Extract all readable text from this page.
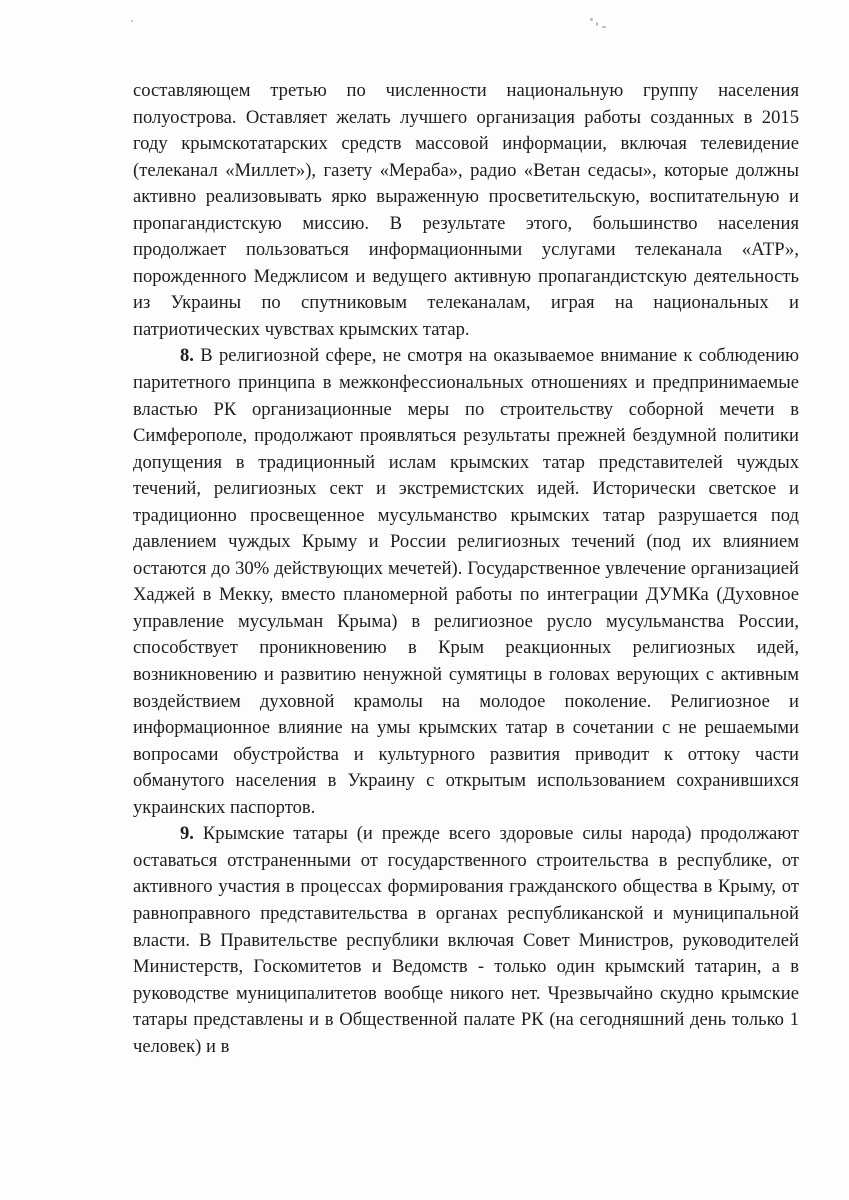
составляющем третью по численности национальную группу населения полуострова. Оставляет желать лучшего организация работы созданных в 2015 году крымскотатарских средств массовой информации, включая телевидение (телеканал «Миллет»), газету «Мераба», радио «Ветан седасы», которые должны активно реализовывать ярко выраженную просветительскую, воспитательную и пропагандистскую миссию. В результате этого, большинство населения продолжает пользоваться информационными услугами телеканала «АТР», порожденного Меджлисом и ведущего активную пропагандистскую деятельность из Украины по спутниковым телеканалам, играя на национальных и патриотических чувствах крымских татар.

8. В религиозной сфере, не смотря на оказываемое внимание к соблюдению паритетного принципа в межконфессиональных отношениях и предпринимаемые властью РК организационные меры по строительству соборной мечети в Симферополе, продолжают проявляться результаты прежней бездумной политики допущения в традиционный ислам крымских татар представителей чуждых течений, религиозных сект и экстремистских идей. Исторически светское и традиционно просвещенное мусульманство крымских татар разрушается под давлением чуждых Крыму и России религиозных течений (под их влиянием остаются до 30% действующих мечетей). Государственное увлечение организацией Хаджей в Мекку, вместо планомерной работы по интеграции ДУМКа (Духовное управление мусульман Крыма) в религиозное русло мусульманства России, способствует проникновению в Крым реакционных религиозных идей, возникновению и развитию ненужной сумятицы в головах верующих с активным воздействием духовной крамолы на молодое поколение. Религиозное и информационное влияние на умы крымских татар в сочетании с не решаемыми вопросами обустройства и культурного развития приводит к оттоку части обманутого населения в Украину с открытым использованием сохранившихся украинских паспортов.

9. Крымские татары (и прежде всего здоровые силы народа) продолжают оставаться отстраненными от государственного строительства в республике, от активного участия в процессах формирования гражданского общества в Крыму, от равноправного представительства в органах республиканской и муниципальной власти. В Правительстве республики включая Совет Министров, руководителей Министерств, Госкомитетов и Ведомств - только один крымский татарин, а в руководстве муниципалитетов вообще никого нет. Чрезвычайно скудно крымские татары представлены и в Общественной палате РК (на сегодняшний день только 1 человек) и в
